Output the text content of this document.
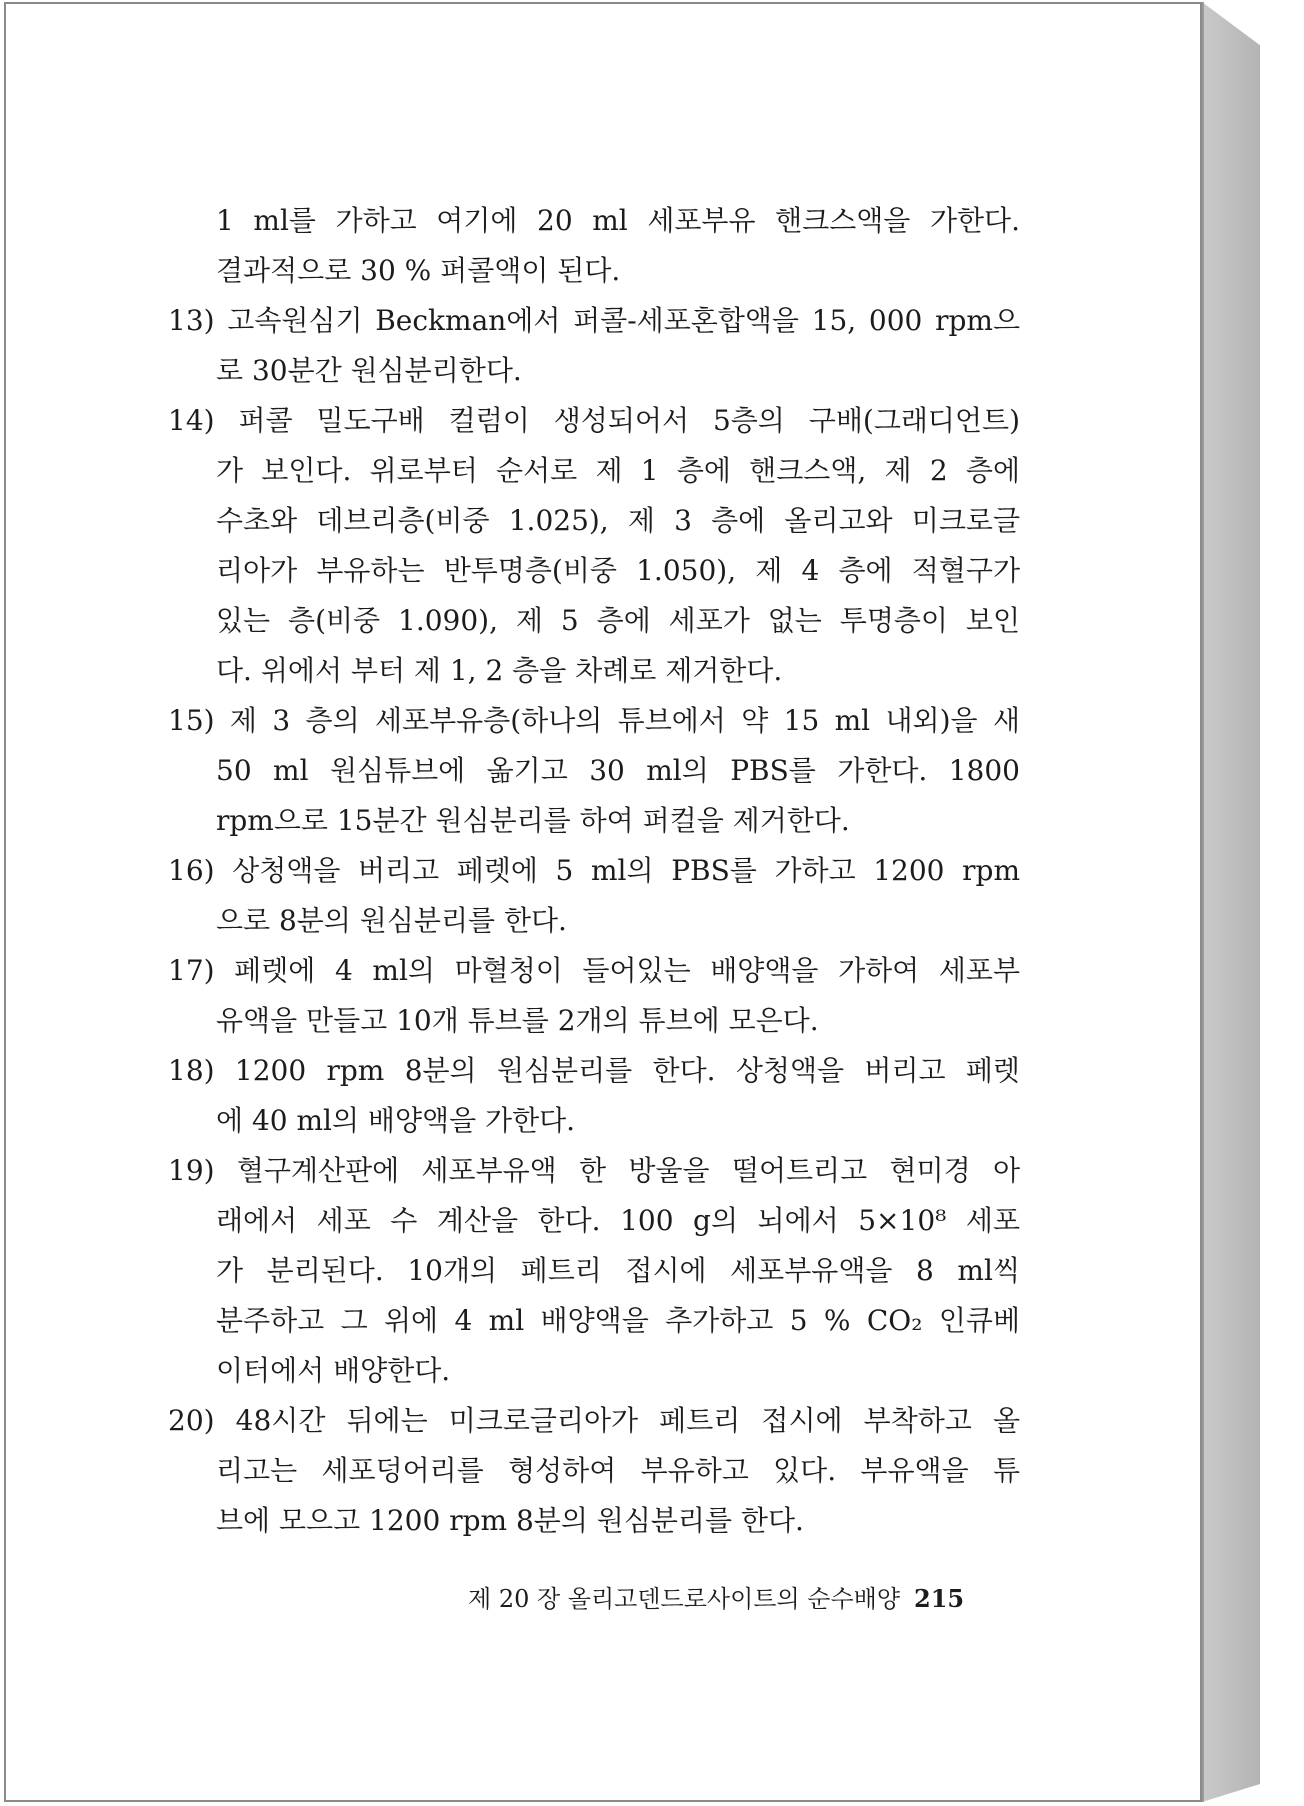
1 ml를 가하고 여기에 20 ml 세포부유 핸크스액을 가한다.
결과적으로 30 % 퍼콜액이 된다.
13) 고속원심기 Beckman에서 퍼콜-세포혼합액을 15, 000 rpm으
로 30분간 원심분리한다.
14) 퍼콜 밀도구배 컬럼이 생성되어서 5층의 구배(그래디언트)
가 보인다. 위로부터 순서로 제 1 층에 핸크스액, 제 2 층에
수초와 데브리층(비중 1.025), 제 3 층에 올리고와 미크로글
리아가 부유하는 반투명층(비중 1.050), 제 4 층에 적혈구가
있는 층(비중 1.090), 제 5 층에 세포가 없는 투명층이 보인
다. 위에서 부터 제 1, 2 층을 차례로 제거한다.
15) 제 3 층의 세포부유층(하나의 튜브에서 약 15 ml 내외)을 새
50 ml 원심튜브에 옮기고 30 ml의 PBS를 가한다. 1800
rpm으로 15분간 원심분리를 하여 퍼컬을 제거한다.
16) 상청액을 버리고 페렛에 5 ml의 PBS를 가하고 1200 rpm
으로 8분의 원심분리를 한다.
17) 페렛에 4 ml의 마혈청이 들어있는 배양액을 가하여 세포부
유액을 만들고 10개 튜브를 2개의 튜브에 모은다.
18) 1200 rpm 8분의 원심분리를 한다. 상청액을 버리고 페렛
에 40 ml의 배양액을 가한다.
19) 혈구계산판에 세포부유액 한 방울을 떨어트리고 현미경 아
래에서 세포 수 계산을 한다. 100 g의 뇌에서 5×10⁸ 세포
가 분리된다. 10개의 페트리 접시에 세포부유액을 8 ml씩
분주하고 그 위에 4 ml 배양액을 추가하고 5 % CO₂ 인큐베
이터에서 배양한다.
20) 48시간 뒤에는 미크로글리아가 페트리 접시에 부착하고 올
리고는 세포덩어리를 형성하여 부유하고 있다. 부유액을 튜
브에 모으고 1200 rpm 8분의 원심분리를 한다.
제 20 장 올리고덴드로사이트의 순수배양 215
